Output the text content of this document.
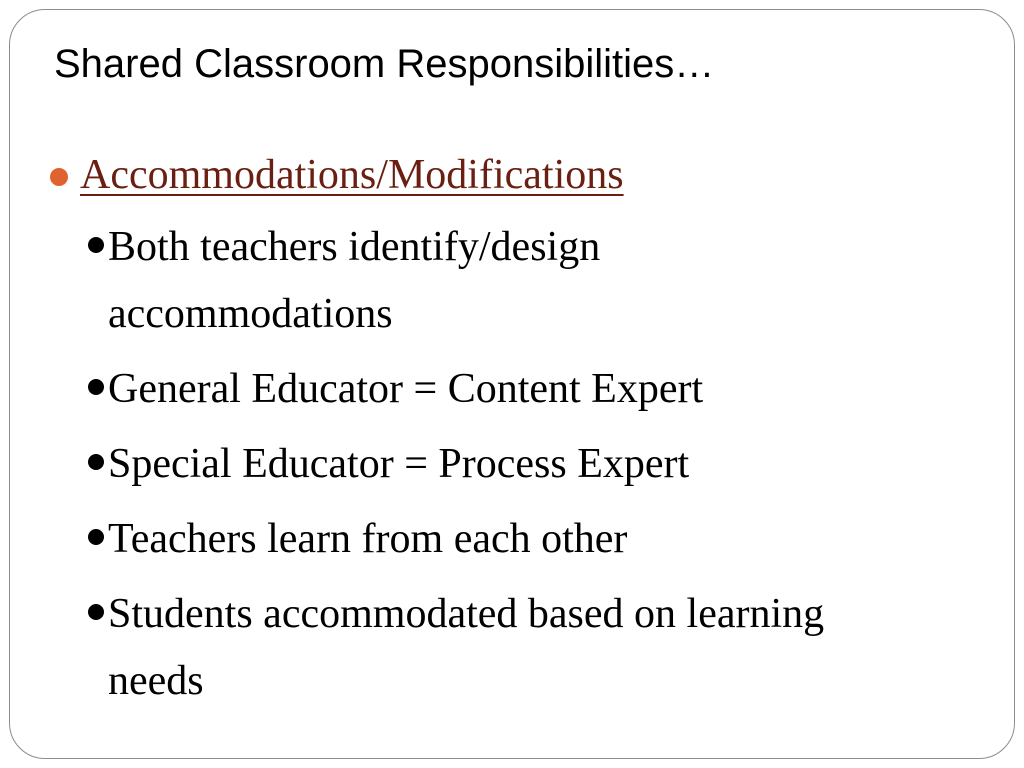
Shared Classroom Responsibilities…
Accommodations/Modifications
Both teachers identify/design accommodations
General Educator = Content Expert
Special Educator = Process Expert
Teachers learn from each other
Students accommodated based on learning needs
